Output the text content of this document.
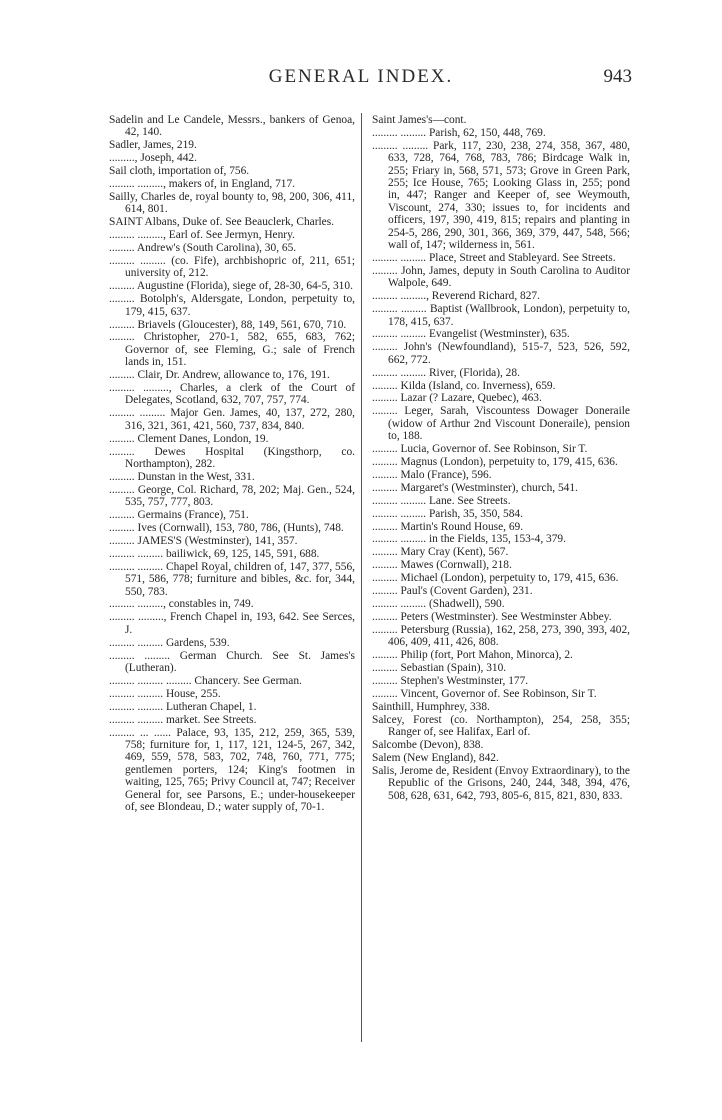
GENERAL INDEX.	943

Sadelin and Le Candele, Messrs., bankers of Genoa, 42, 140.

Sadler, James, 219.

........., Joseph, 442.

Sail cloth, importation of, 756.

......... ........., makers of, in England, 717.

Sailly, Charles de, royal bounty to, 98, 200, 306, 411, 614, 801.

SAINT Albans, Duke of. See Beauclerk, Charles.

......... ........., Earl of. See Jermyn, Henry.

......... Andrew's (South Carolina), 30, 65.

......... ......... (co. Fife), archbishopric of, 211, 651; university of, 212.

......... Augustine (Florida), siege of, 28-30, 64-5, 310.

......... Botolph's, Aldersgate, London, perpetuity to, 179, 415, 637.

......... Briavels (Gloucester), 88, 149, 561, 670, 710.

......... Christopher, 270-1, 582, 655, 683, 762; Governor of, see Fleming, G.; sale of French lands in, 151.

......... Clair, Dr. Andrew, allowance to, 176, 191.

......... ........., Charles, a clerk of the Court of Delegates, Scotland, 632, 707, 757, 774.

......... ......... Major Gen. James, 40, 137, 272, 280, 316, 321, 361, 421, 560, 737, 834, 840.

......... Clement Danes, London, 19.

......... Dewes Hospital (Kingsthorp, co. Northampton), 282.

......... Dunstan in the West, 331.

......... George, Col. Richard, 78, 202; Maj. Gen., 524, 535, 757, 777, 803.

......... Germains (France), 751.

......... Ives (Cornwall), 153, 780, 786, (Hunts), 748.

......... JAMES'S (Westminster), 141, 357.

......... ......... bailiwick, 69, 125, 145, 591, 688.

......... ......... Chapel Royal, children of, 147, 377, 556, 571, 586, 778; furniture and bibles, &c. for, 344, 550, 783.

......... ........., constables in, 749.

......... ........., French Chapel in, 193, 642. See Serces, J.

......... ......... Gardens, 539.

......... ......... German Church. See St. James's (Lutheran).

......... ......... ......... Chancery. See German.

......... ......... House, 255.

......... ......... Lutheran Chapel, 1.

......... ......... market. See Streets.

......... ... ...... Palace, 93, 135, 212, 259, 365, 539, 758; furniture for, 1, 117, 121, 124-5, 267, 342, 469, 559, 578, 583, 702, 748, 760, 771, 775; gentlemen porters, 124; King's footmen in waiting, 125, 765; Privy Council at, 747; Receiver General for, see Parsons, E.; under-housekeeper of, see Blondeau, D.; water supply of, 70-1.

Saint James's—cont.

......... ......... Parish, 62, 150, 448, 769.

......... ......... Park, 117, 230, 238, 274, 358, 367, 480, 633, 728, 764, 768, 783, 786; Birdcage Walk in, 255; Friary in, 568, 571, 573; Grove in Green Park, 255; Ice House, 765; Looking Glass in, 255; pond in, 447; Ranger and Keeper of, see Weymouth, Viscount, 274, 330; issues to, for incidents and officers, 197, 390, 419, 815; repairs and planting in 254-5, 286, 290, 301, 366, 369, 379, 447, 548, 566; wall of, 147; wilderness in, 561.

......... ......... Place, Street and Stableyard. See Streets.

......... John, James, deputy in South Carolina to Auditor Walpole, 649.

......... ........., Reverend Richard, 827.

......... ......... Baptist (Wallbrook, London), perpetuity to, 178, 415, 637.

......... ......... Evangelist (Westminster), 635.

......... John's (Newfoundland), 515-7, 523, 526, 592, 662, 772.

......... ......... River, (Florida), 28.

......... Kilda (Island, co. Inverness), 659.

......... Lazar (? Lazare, Quebec), 463.

......... Leger, Sarah, Viscountess Dowager Doneraile (widow of Arthur 2nd Viscount Doneraile), pension to, 188.

......... Lucia, Governor of. See Robinson, Sir T.

......... Magnus (London), perpetuity to, 179, 415, 636.

......... Malo (France), 596.

......... Margaret's (Westminster), church, 541.

......... ......... Lane. See Streets.

......... ......... Parish, 35, 350, 584.

......... Martin's Round House, 69.

......... ......... in the Fields, 135, 153-4, 379.

......... Mary Cray (Kent), 567.

......... Mawes (Cornwall), 218.

......... Michael (London), perpetuity to, 179, 415, 636.

......... Paul's (Covent Garden), 231.

......... ......... (Shadwell), 590.

......... Peters (Westminster). See Westminster Abbey.

......... Petersburg (Russia), 162, 258, 273, 390, 393, 402, 406, 409, 411, 426, 808.

......... Philip (fort, Port Mahon, Minorca), 2.

......... Sebastian (Spain), 310.

......... Stephen's Westminster, 177.

......... Vincent, Governor of. See Robinson, Sir T.

Sainthill, Humphrey, 338.

Salcey, Forest (co. Northampton), 254, 258, 355; Ranger of, see Halifax, Earl of.

Salcombe (Devon), 838.

Salem (New England), 842.

Salis, Jerome de, Resident (Envoy Extraordinary), to the Republic of the Grisons, 240, 244, 348, 394, 476, 508, 628, 631, 642, 793, 805-6, 815, 821, 830, 833.
